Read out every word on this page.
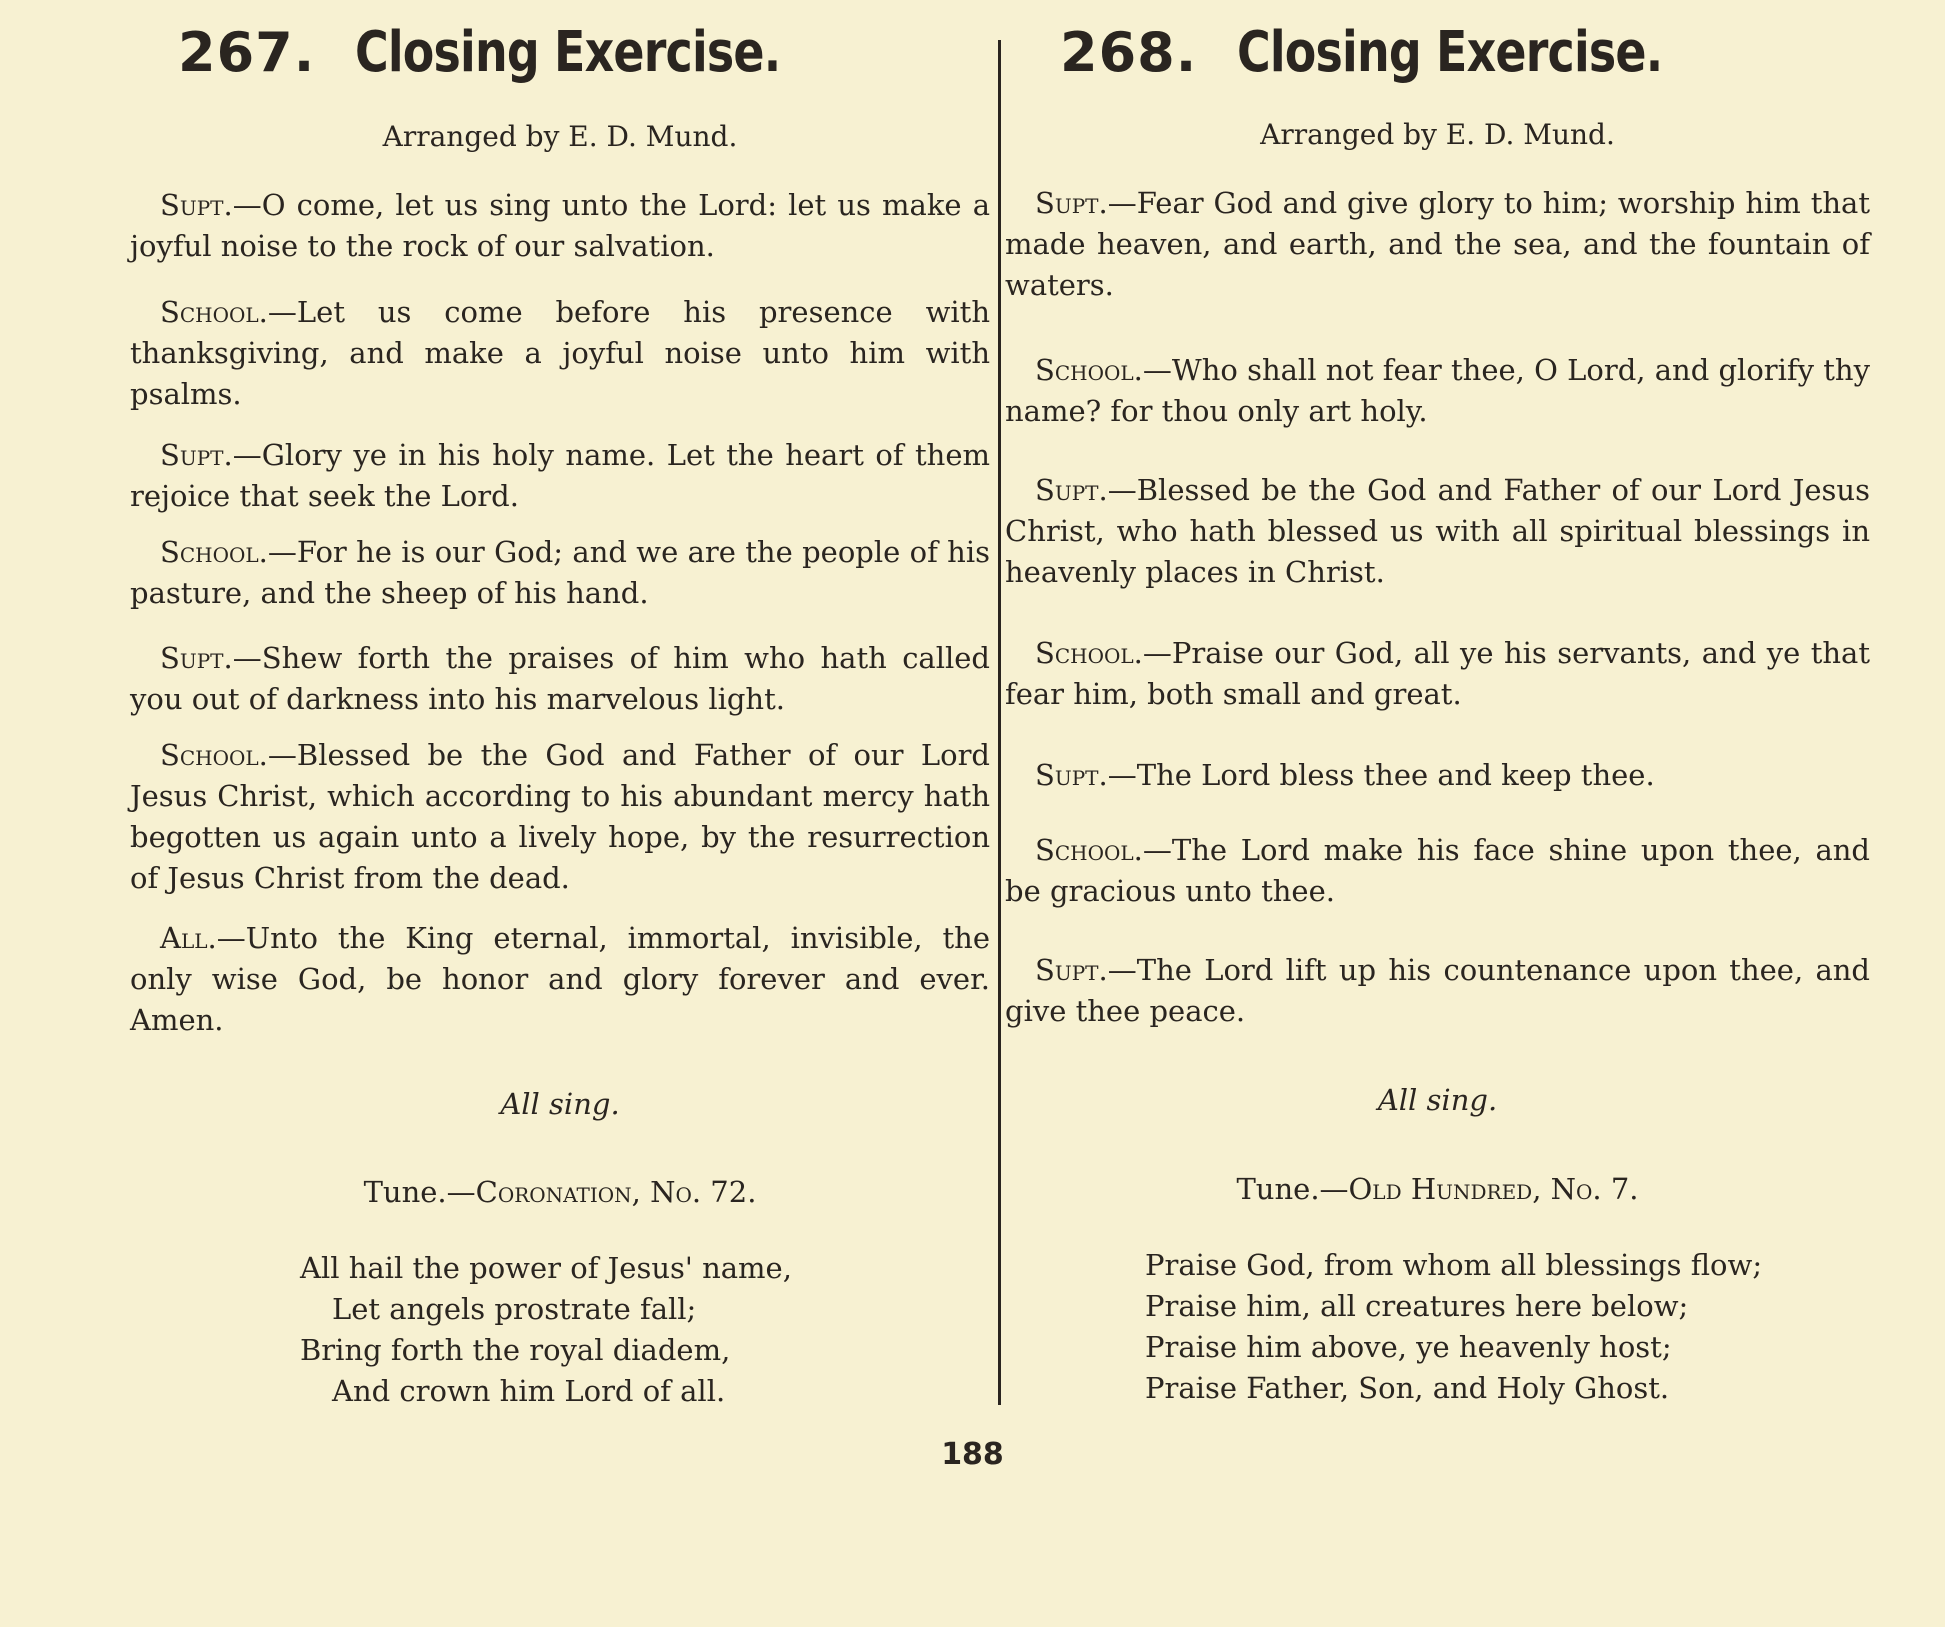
267. Closing Exercise.
Arranged by E. D. Mund.
Supt.—O come, let us sing unto the Lord: let us make a joyful noise to the rock of our salvation.
School.—Let us come before his presence with thanksgiving, and make a joyful noise unto him with psalms.
Supt.—Glory ye in his holy name. Let the heart of them rejoice that seek the Lord.
School.—For he is our God; and we are the people of his pasture, and the sheep of his hand.
Supt.—Shew forth the praises of him who hath called you out of darkness into his marvelous light.
School.—Blessed be the God and Father of our Lord Jesus Christ, which according to his abundant mercy hath begotten us again unto a lively hope, by the resurrection of Jesus Christ from the dead.
All.—Unto the King eternal, immortal, invisible, the only wise God, be honor and glory forever and ever. Amen.
All sing.
Tune.—Coronation, No. 72.
All hail the power of Jesus' name,
Let angels prostrate fall;
Bring forth the royal diadem,
And crown him Lord of all.
268. Closing Exercise.
Arranged by E. D. Mund.
Supt.—Fear God and give glory to him; worship him that made heaven, and earth, and the sea, and the fountain of waters.
School.—Who shall not fear thee, O Lord, and glorify thy name? for thou only art holy.
Supt.—Blessed be the God and Father of our Lord Jesus Christ, who hath blessed us with all spiritual blessings in heavenly places in Christ.
School.—Praise our God, all ye his servants, and ye that fear him, both small and great.
Supt.—The Lord bless thee and keep thee.
School.—The Lord make his face shine upon thee, and be gracious unto thee.
Supt.—The Lord lift up his countenance upon thee, and give thee peace.
All sing.
Tune.—Old Hundred, No. 7.
Praise God, from whom all blessings flow;
Praise him, all creatures here below;
Praise him above, ye heavenly host;
Praise Father, Son, and Holy Ghost.
188
